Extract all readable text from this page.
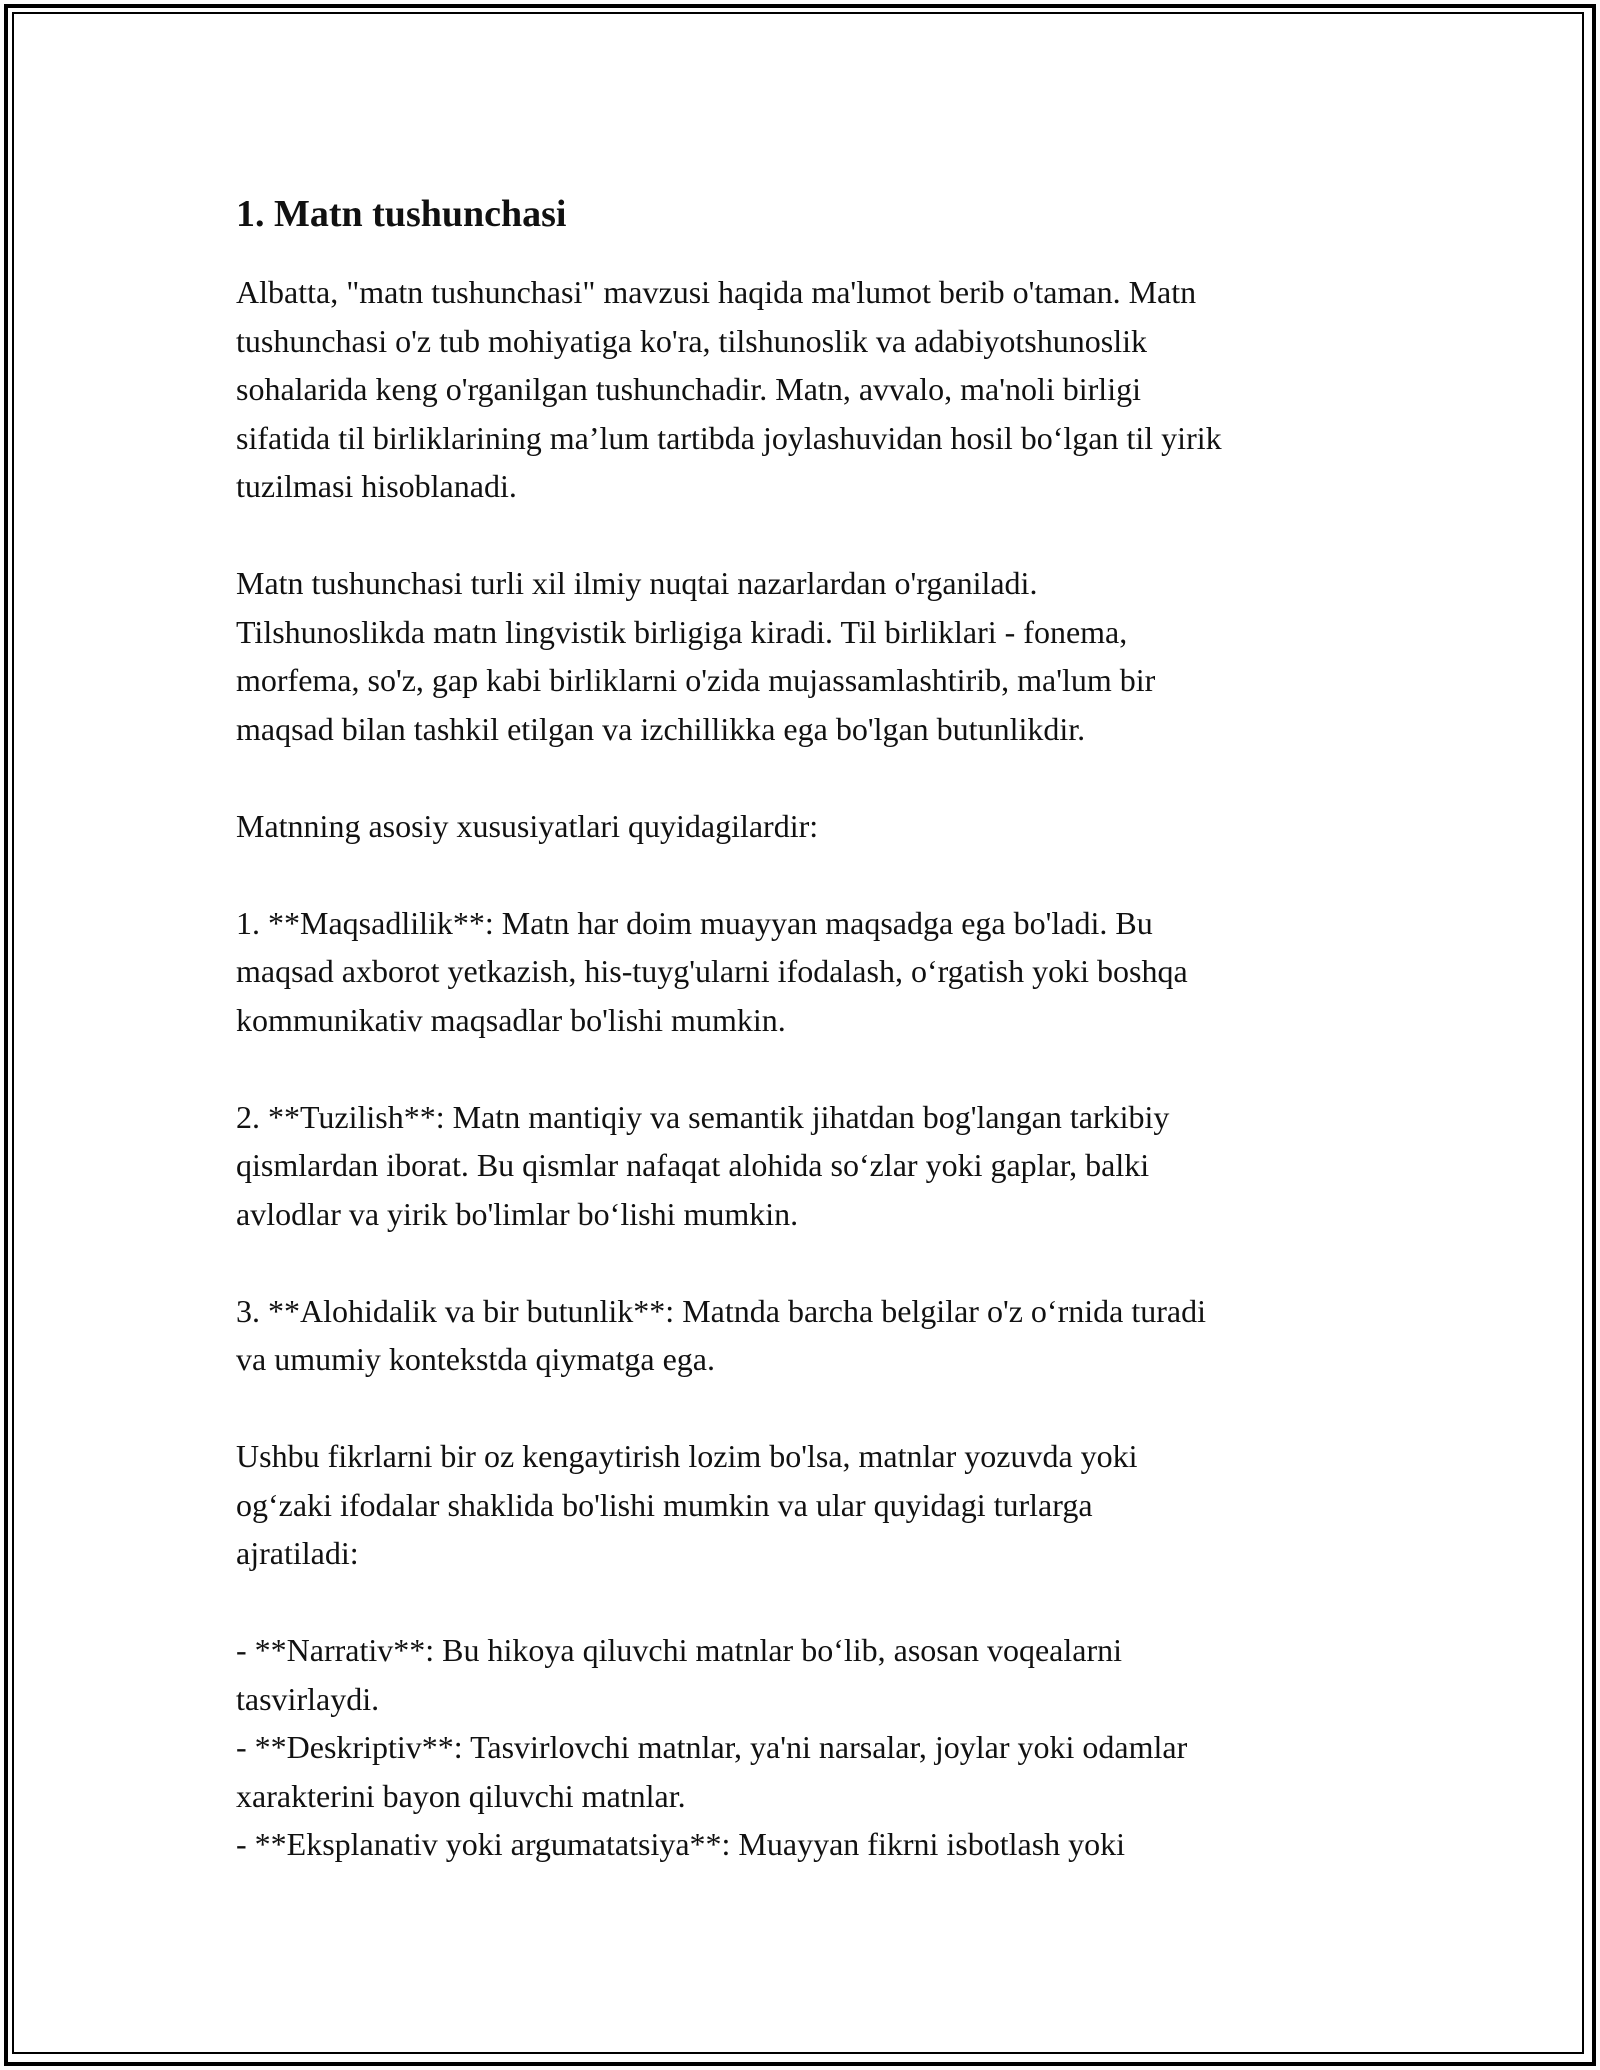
1. Matn tushunchasi
Albatta, "matn tushunchasi" mavzusi haqida ma'lumot berib o'taman. Matn
tushunchasi o'z tub mohiyatiga ko'ra, tilshunoslik va adabiyotshunoslik
sohalarida keng o'rganilgan tushunchadir. Matn, avvalo, ma'noli birligi
sifatida til birliklarining ma’lum tartibda joylashuvidan hosil bo‘lgan til yirik
tuzilmasi hisoblanadi.
Matn tushunchasi turli xil ilmiy nuqtai nazarlardan o'rganiladi.
Tilshunoslikda matn lingvistik birligiga kiradi. Til birliklari - fonema,
morfema, so'z, gap kabi birliklarni o'zida mujassamlashtirib, ma'lum bir
maqsad bilan tashkil etilgan va izchillikka ega bo'lgan butunlikdir.
Matnning asosiy xususiyatlari quyidagilardir:
1. **Maqsadlilik**: Matn har doim muayyan maqsadga ega bo'ladi. Bu
maqsad axborot yetkazish, his-tuyg'ularni ifodalash, o‘rgatish yoki boshqa
kommunikativ maqsadlar bo'lishi mumkin.
2. **Tuzilish**: Matn mantiqiy va semantik jihatdan bog'langan tarkibiy
qismlardan iborat. Bu qismlar nafaqat alohida so‘zlar yoki gaplar, balki
avlodlar va yirik bo'limlar bo‘lishi mumkin.
3. **Alohidalik va bir butunlik**: Matnda barcha belgilar o'z o‘rnida turadi
va umumiy kontekstda qiymatga ega.
Ushbu fikrlarni bir oz kengaytirish lozim bo'lsa, matnlar yozuvda yoki
og‘zaki ifodalar shaklida bo'lishi mumkin va ular quyidagi turlarga
ajratiladi:
- **Narrativ**: Bu hikoya qiluvchi matnlar bo‘lib, asosan voqealarni
tasvirlaydi.
- **Deskriptiv**: Tasvirlovchi matnlar, ya'ni narsalar, joylar yoki odamlar
xarakterini bayon qiluvchi matnlar.
- **Eksplanativ yoki argumatatsiya**: Muayyan fikrni isbotlash yoki
